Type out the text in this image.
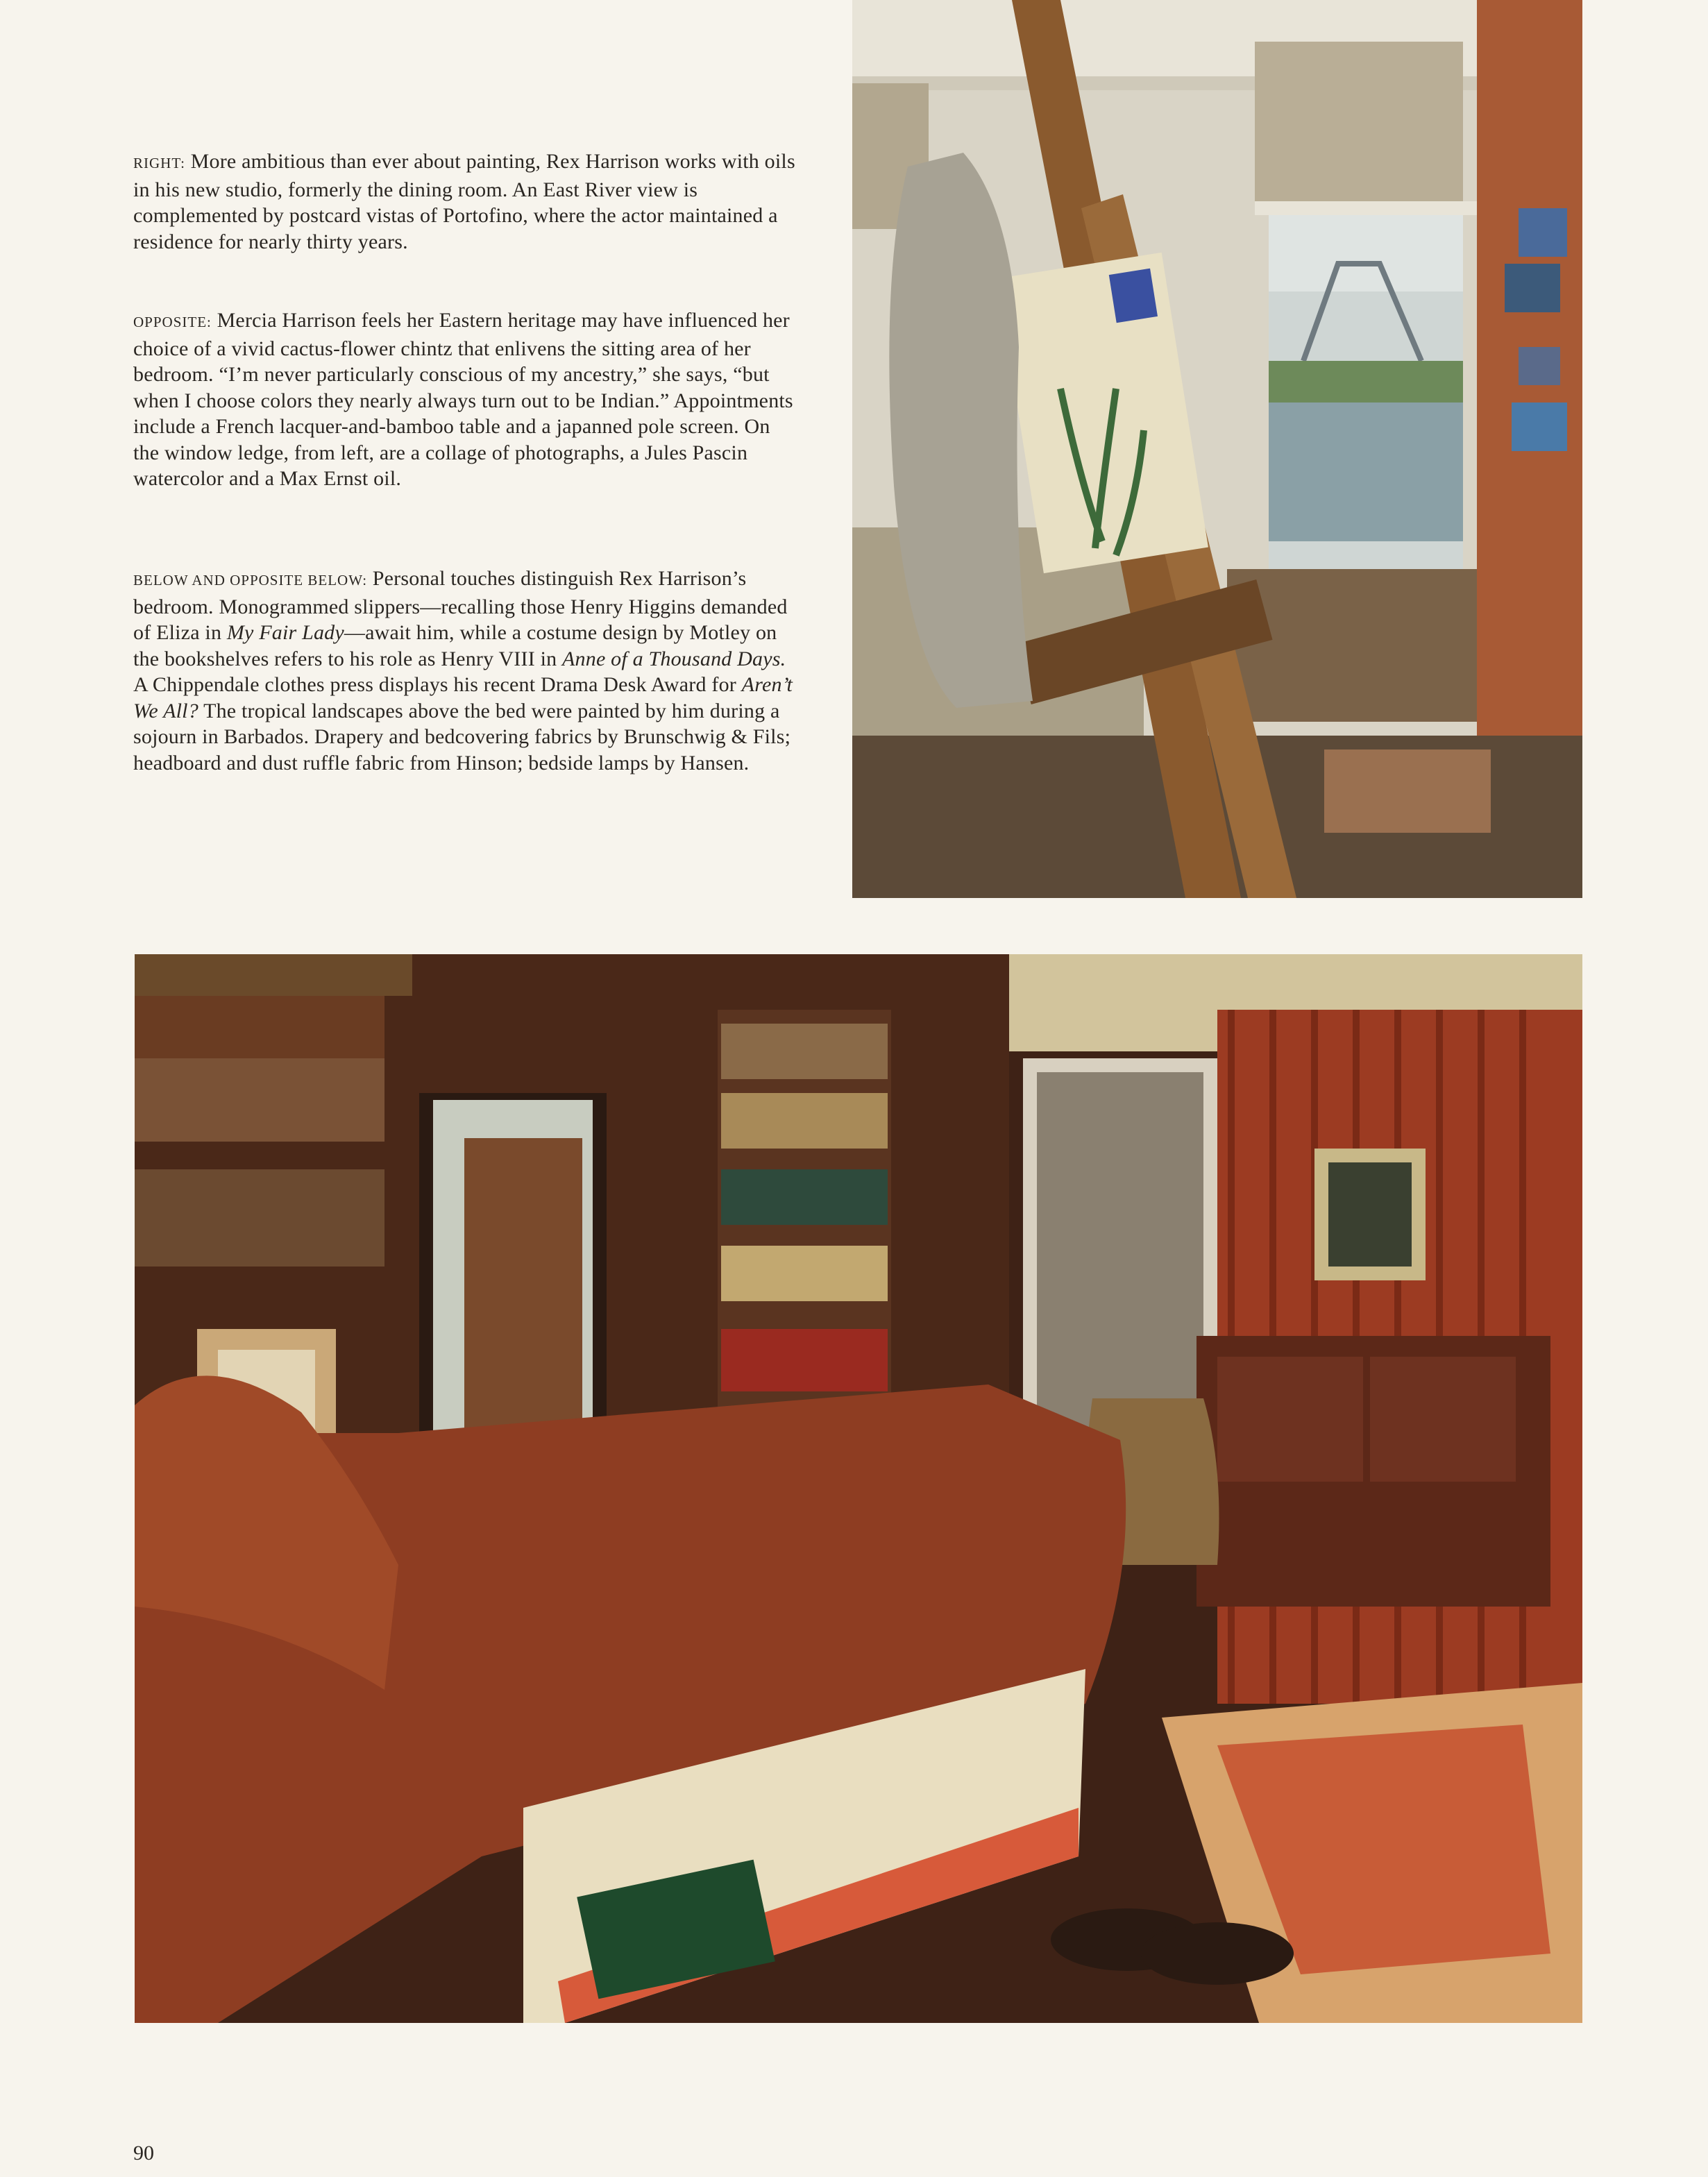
RIGHT: More ambitious than ever about painting, Rex Harrison works with oils in his new studio, formerly the dining room. An East River view is complemented by postcard vistas of Portofino, where the actor maintained a residence for nearly thirty years.

OPPOSITE: Mercia Harrison feels her Eastern heritage may have influenced her choice of a vivid cactus-flower chintz that enlivens the sitting area of her bedroom. “I’m never particularly conscious of my ancestry,” she says, “but when I choose colors they nearly always turn out to be Indian.” Appointments include a French lacquer-and-bamboo table and a japanned pole screen. On the window ledge, from left, are a collage of photographs, a Jules Pascin watercolor and a Max Ernst oil.

BELOW AND OPPOSITE BELOW: Personal touches distinguish Rex Harrison’s bedroom. Monogrammed slippers—recalling those Henry Higgins demanded of Eliza in My Fair Lady—await him, while a costume design by Motley on the bookshelves refers to his role as Henry VIII in Anne of a Thousand Days. A Chippendale clothes press displays his recent Drama Desk Award for Aren’t We All? The tropical landscapes above the bed were painted by him during a sojourn in Barbados. Drapery and bedcovering fabrics by Brunschwig & Fils; headboard and dust ruffle fabric from Hinson; bedside lamps by Hansen.

90
